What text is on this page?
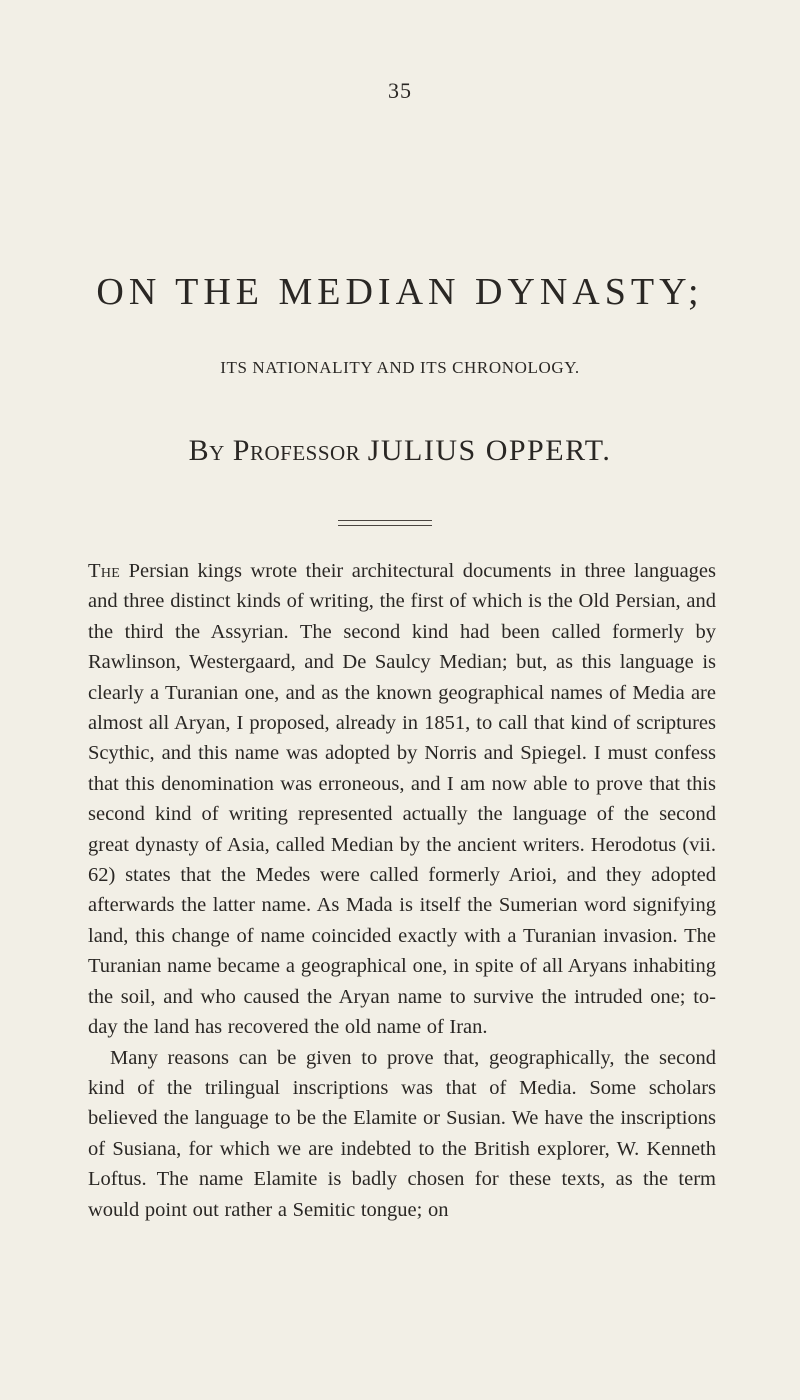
35
ON THE MEDIAN DYNASTY;
ITS NATIONALITY AND ITS CHRONOLOGY.
By Professor JULIUS OPPERT.

The Persian kings wrote their architectural documents in three languages and three distinct kinds of writing, the first of which is the Old Persian, and the third the Assyrian. The second kind had been called formerly by Rawlinson, Westergaard, and De Saulcy Median; but, as this language is clearly a Turanian one, and as the known geographical names of Media are almost all Aryan, I proposed, already in 1851, to call that kind of scriptures Scythic, and this name was adopted by Norris and Spiegel. I must confess that this denomination was erroneous, and I am now able to prove that this second kind of writing represented actually the language of the second great dynasty of Asia, called Median by the ancient writers. Herodotus (vii. 62) states that the Medes were called formerly Arioi, and they adopted afterwards the latter name. As Mada is itself the Sumerian word signifying land, this change of name coincided exactly with a Turanian invasion. The Turanian name became a geographical one, in spite of all Aryans inhabiting the soil, and who caused the Aryan name to survive the intruded one; to-day the land has recovered the old name of Iran.

Many reasons can be given to prove that, geographically, the second kind of the trilingual inscriptions was that of Media. Some scholars believed the language to be the Elamite or Susian. We have the inscriptions of Susiana, for which we are indebted to the British explorer, W. Kenneth Loftus. The name Elamite is badly chosen for these texts, as the term would point out rather a Semitic tongue; on
